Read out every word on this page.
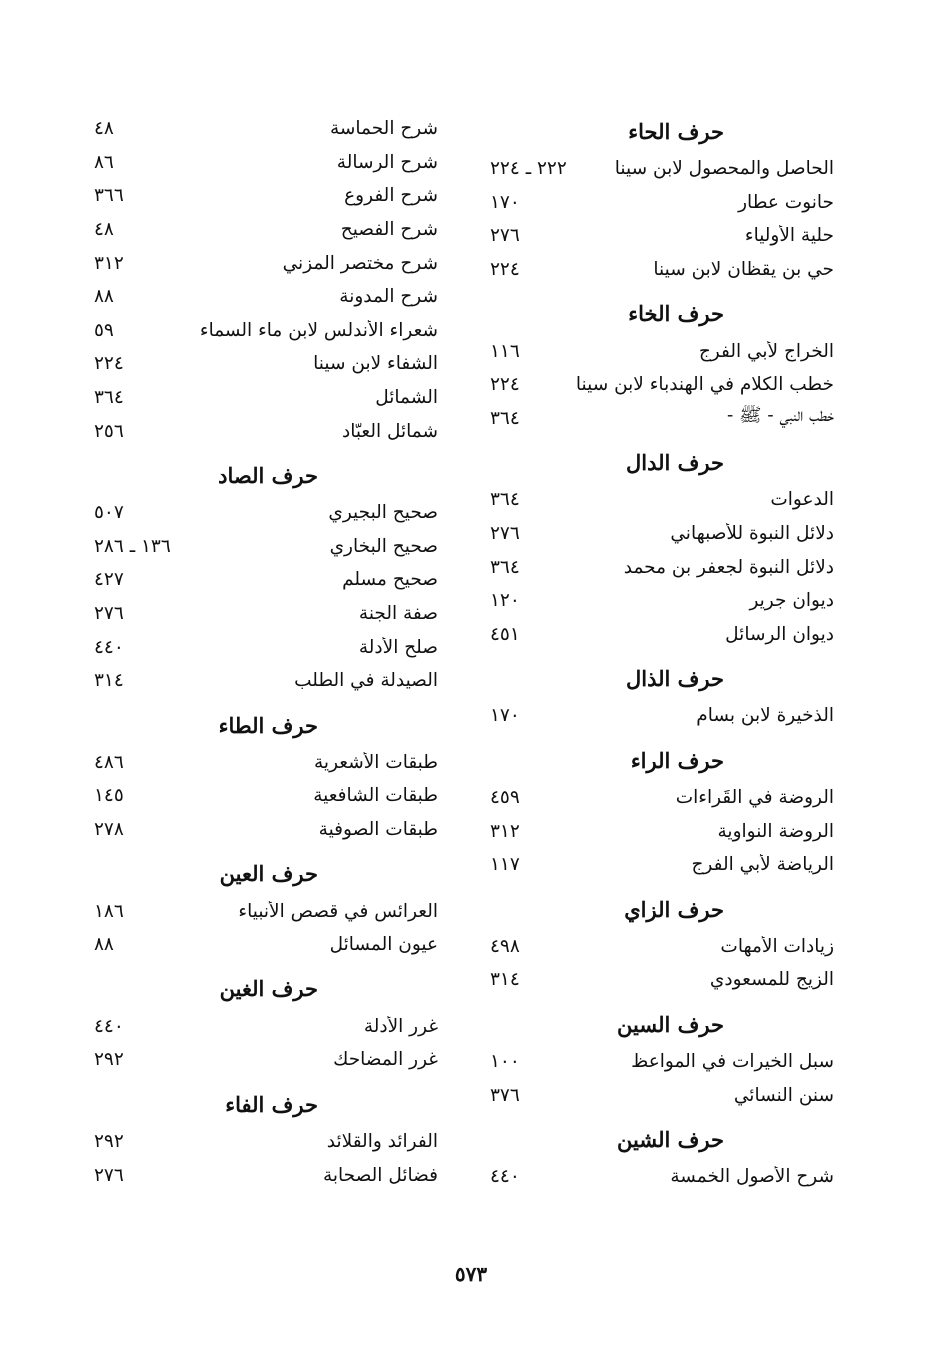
حرف الحاء
الحاصل والمحصول لابن سينا
٢٢٢ ـ ٢٢٤
حانوت عطار
١٧٠
حلية الأولياء
٢٧٦
حي بن يقظان لابن سينا
٢٢٤
حرف الخاء
الخراج لأبي الفرج
١١٦
خطب الكلام في الهندباء لابن سينا
٢٢٤
خطب النبي - ﷺ -
٣٦٤
حرف الدال
الدعوات
٣٦٤
دلائل النبوة للأصبهاني
٢٧٦
دلائل النبوة لجعفر بن محمد
٣٦٤
ديوان جرير
١٢٠
ديوان الرسائل
٤٥١
حرف الذال
الذخيرة لابن بسام
١٧٠
حرف الراء
الروضة في القَراءات
٤٥٩
الروضة النواوية
٣١٢
الرياضة لأبي الفرج
١١٧
حرف الزاي
زيادات الأمهات
٤٩٨
الزيج للمسعودي
٣١٤
حرف السين
سبل الخيرات في المواعظ
١٠٠
سنن النسائي
٣٧٦
حرف الشين
شرح الأصول الخمسة
٤٤٠
شرح الحماسة
٤٨
شرح الرسالة
٨٦
شرح الفروع
٣٦٦
شرح الفصيح
٤٨
شرح مختصر المزني
٣١٢
شرح المدونة
٨٨
شعراء الأندلس لابن ماء السماء
٥٩
الشفاء لابن سينا
٢٢٤
الشمائل
٣٦٤
شمائل العبّاد
٢٥٦
حرف الصاد
صحيح البجيري
٥٠٧
صحيح البخاري
١٣٦ ـ ٢٨٦
صحيح مسلم
٤٢٧
صفة الجنة
٢٧٦
صلح الأدلة
٤٤٠
الصيدلة في الطلب
٣١٤
حرف الطاء
طبقات الأشعرية
٤٨٦
طبقات الشافعية
١٤٥
طبقات الصوفية
٢٧٨
حرف العين
العرائس في قصص الأنبياء
١٨٦
عيون المسائل
٨٨
حرف الغين
غرر الأدلة
٤٤٠
غرر المضاحك
٢٩٢
حرف الفاء
الفرائد والقلائد
٢٩٢
فضائل الصحابة
٢٧٦
٥٧٣
